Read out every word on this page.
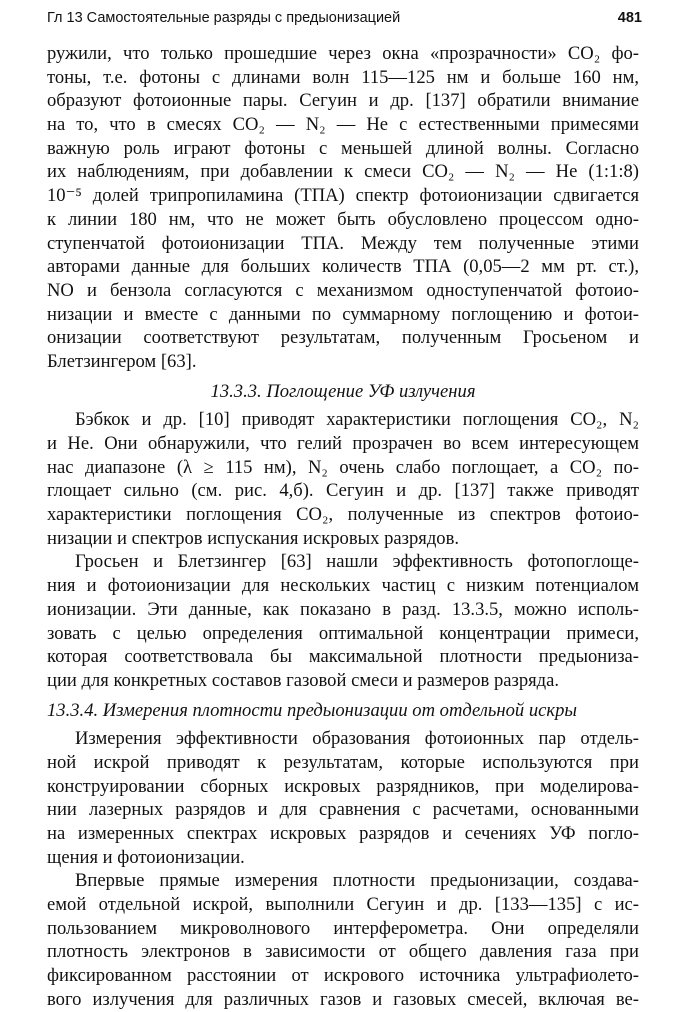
Гл 13 Самостоятельные разряды с предыонизацией	481
ружили, что только прошедшие через окна «прозрачности» CO₂ фо-
тоны, т.е. фотоны с длинами волн 115—125 нм и больше 160 нм,
образуют фотоионные пары. Сегуин и др. [137] обратили внимание
на то, что в смесях CO₂ — N₂ — He с естественными примесями
важную роль играют фотоны с меньшей длиной волны. Согласно
их наблюдениям, при добавлении к смеси CO₂ — N₂ — He (1:1:8)
10⁻⁵ долей трипропиламина (ТПА) спектр фотоионизации сдвигается
к линии 180 нм, что не может быть обусловлено процессом одно-
ступенчатой фотоионизации ТПА. Между тем полученные этими
авторами данные для больших количеств ТПА (0,05—2 мм рт. ст.),
NO и бензола согласуются с механизмом одноступенчатой фотоио-
низации и вместе с данными по суммарному поглощению и фотои-
онизации соответствуют результатам, полученным Гросьеном и
Блетзингером [63].
13.3.3. Поглощение УФ излучения
Бэбкок и др. [10] приводят характеристики поглощения CO₂, N₂
и He. Они обнаружили, что гелий прозрачен во всем интересующем
нас диапазоне (λ ≥ 115 нм), N₂ очень слабо поглощает, а CO₂ по-
глощает сильно (см. рис. 4,б). Сегуин и др. [137] также приводят
характеристики поглощения CO₂, полученные из спектров фотоио-
низации и спектров испускания искровых разрядов.
Гросьен и Блетзингер [63] нашли эффективность фотопоглоще-
ния и фотоионизации для нескольких частиц с низким потенциалом
ионизации. Эти данные, как показано в разд. 13.3.5, можно исполь-
зовать с целью определения оптимальной концентрации примеси,
которая соответствовала бы максимальной плотности предыониза-
ции для конкретных составов газовой смеси и размеров разряда.
13.3.4. Измерения плотности предыонизации от отдельной искры
Измерения эффективности образования фотоионных пар отдель-
ной искрой приводят к результатам, которые используются при
конструировании сборных искровых разрядников, при моделирова-
нии лазерных разрядов и для сравнения с расчетами, основанными
на измеренных спектрах искровых разрядов и сечениях УФ погло-
щения и фотоионизации.
Впервые прямые измерения плотности предыонизации, создава-
емой отдельной искрой, выполнили Сегуин и др. [133—135] с ис-
пользованием микроволнового интерферометра. Они определяли
плотность электронов в зависимости от общего давления газа при
фиксированном расстоянии от искрового источника ультрафиолето-
вого излучения для различных газов и газовых смесей, включая ве-
